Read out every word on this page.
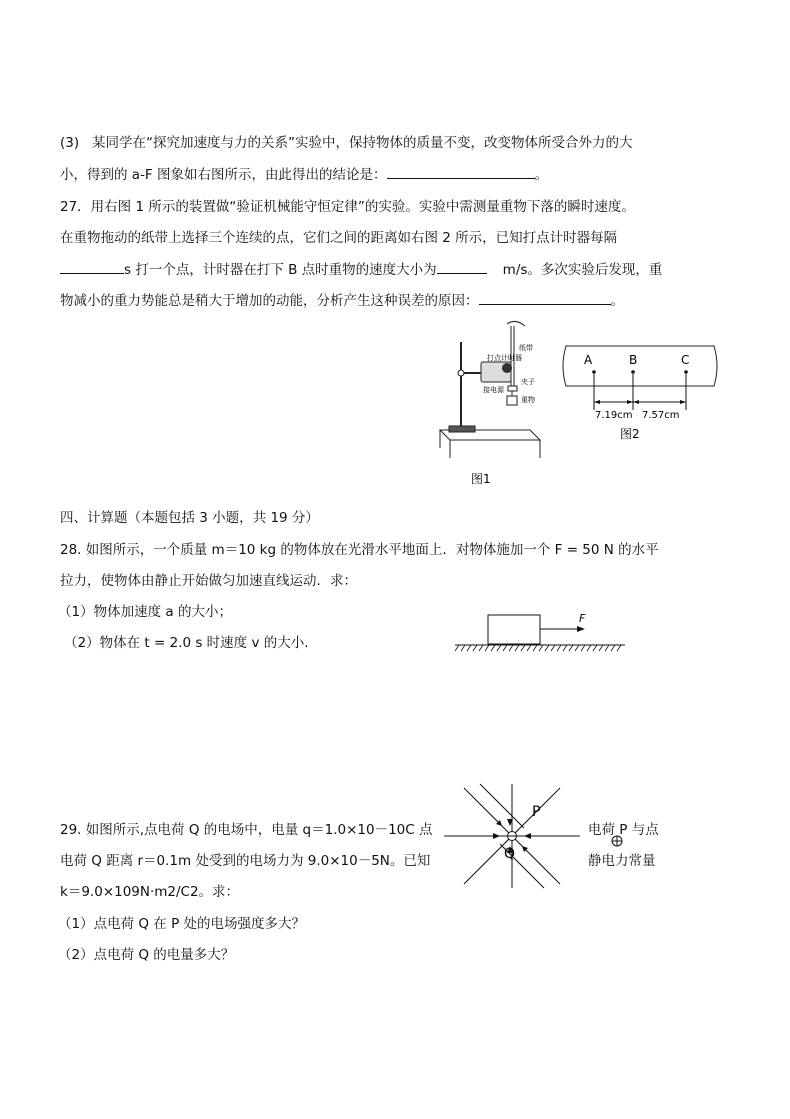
(3)   某同学在“探究加速度与力的关系”实验中，保持物体的质量不变，改变物体所受合外力的大
小，得到的 a-F 图象如右图所示，由此得出的结论是：	。
27．用右图 1 所示的装置做“验证机械能守恒定律”的实验。实验中需测量重物下落的瞬时速度。
在重物拖动的纸带上选择三个连续的点，它们之间的距离如右图 2 所示，已知打点计时器每隔
s 打一个点，计时器在打下 B 点时重物的速度大小为	m/s。多次实验后发现，重
物减小的重力势能总是稍大于增加的动能，分析产生这种误差的原因：	。
打点计时器
纸带
夹子
重物
接电源
图1
A	B	C
7.19cm 7.57cm
图2
四、计算题（本题包括 3 小题，共 19 分）
28. 如图所示，一个质量 m＝10 kg 的物体放在光滑水平地面上．对物体施加一个 F = 50 N 的水平
拉力，使物体由静止开始做匀加速直线运动．求：
（1）物体加速度 a 的大小；
（2）物体在 t = 2.0 s 时速度 v 的大小.
F
29. 如图所示,点电荷 Q 的电场中，电量 q＝1.0×10－10C 点
电荷 Q 距离 r＝0.1m 处受到的电场力为 9.0×10－5N。已知
k＝9.0×109N·m2/C2。求：
电荷 P 与点
静电力常量
（1）点电荷 Q 在 P 处的电场强度多大？
（2）点电荷 Q 的电量多大？
P
Q
